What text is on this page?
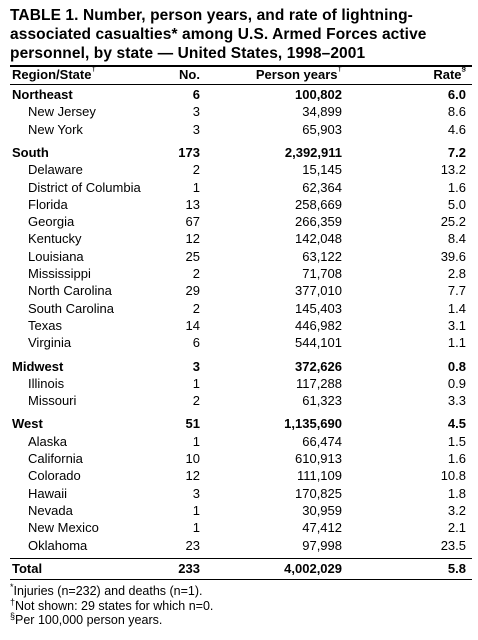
TABLE 1. Number, person years, and rate of lightning-associated casualties* among U.S. Armed Forces active personnel, by state — United States, 1998–2001
Region/State†	No.	Person years†	Rate§
Northeast	6	100,802	6.0
New Jersey	3	34,899	8.6
New York	3	65,903	4.6
South	173	2,392,911	7.2
Delaware	2	15,145	13.2
District of Columbia	1	62,364	1.6
Florida	13	258,669	5.0
Georgia	67	266,359	25.2
Kentucky	12	142,048	8.4
Louisiana	25	63,122	39.6
Mississippi	2	71,708	2.8
North Carolina	29	377,010	7.7
South Carolina	2	145,403	1.4
Texas	14	446,982	3.1
Virginia	6	544,101	1.1
Midwest	3	372,626	0.8
Illinois	1	117,288	0.9
Missouri	2	61,323	3.3
West	51	1,135,690	4.5
Alaska	1	66,474	1.5
California	10	610,913	1.6
Colorado	12	111,109	10.8
Hawaii	3	170,825	1.8
Nevada	1	30,959	3.2
New Mexico	1	47,412	2.1
Oklahoma	23	97,998	23.5
Total	233	4,002,029	5.8
*Injuries (n=232) and deaths (n=1).
†Not shown: 29 states for which n=0.
§Per 100,000 person years.
